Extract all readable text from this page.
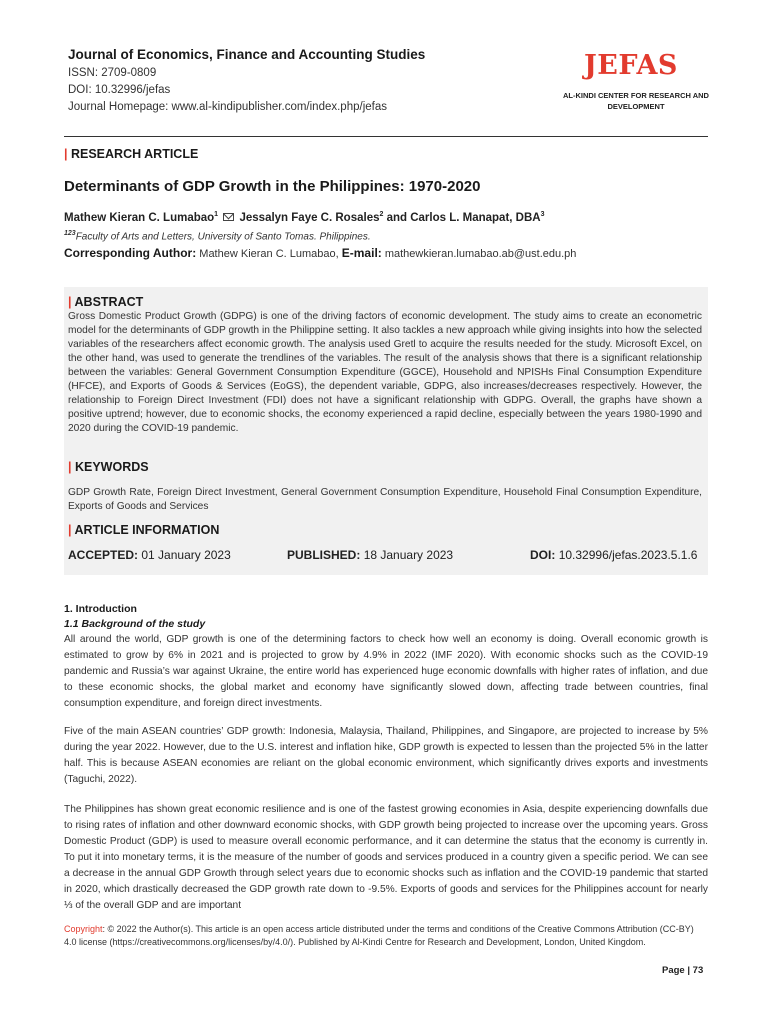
Journal of Economics, Finance and Accounting Studies
ISSN: 2709-0809
DOI: 10.32996/jefas
Journal Homepage: www.al-kindipublisher.com/index.php/jefas
JEFAS
AL-KINDI CENTER FOR RESEARCH AND DEVELOPMENT
| RESEARCH ARTICLE
Determinants of GDP Growth in the Philippines: 1970-2020
Mathew Kieran C. Lumabao$^1$ Jessalyn Faye C. Rosales$^2$ and Carlos L. Manapat, DBA$^3$
$^{123}$Faculty of Arts and Letters, University of Santo Tomas. Philippines.
Corresponding Author: Mathew Kieran C. Lumabao, E-mail: mathewkieran.lumabao.ab@ust.edu.ph
| ABSTRACT
Gross Domestic Product Growth (GDPG) is one of the driving factors of economic development. The study aims to create an econometric model for the determinants of GDP growth in the Philippine setting. It also tackles a new approach while giving insights into how the selected variables of the researchers affect economic growth. The analysis used Gretl to acquire the results needed for the study. Microsoft Excel, on the other hand, was used to generate the trendlines of the variables. The result of the analysis shows that there is a significant relationship between the variables: General Government Consumption Expenditure (GGCE), Household and NPISHs Final Consumption Expenditure (HFCE), and Exports of Goods & Services (EoGS), the dependent variable, GDPG, also increases/decreases respectively. However, the relationship to Foreign Direct Investment (FDI) does not have a significant relationship with GDPG. Overall, the graphs have shown a positive uptrend; however, due to economic shocks, the economy experienced a rapid decline, especially between the years 1980-1990 and 2020 during the COVID-19 pandemic.
| KEYWORDS
GDP Growth Rate, Foreign Direct Investment, General Government Consumption Expenditure, Household Final Consumption Expenditure, Exports of Goods and Services
| ARTICLE INFORMATION
ACCEPTED: 01 January 2023	PUBLISHED: 18 January 2023	DOI: 10.32996/jefas.2023.5.1.6
1. Introduction
1.1 Background of the study
All around the world, GDP growth is one of the determining factors to check how well an economy is doing. Overall economic growth is estimated to grow by 6% in 2021 and is projected to grow by 4.9% in 2022 (IMF 2020). With economic shocks such as the COVID-19 pandemic and Russia’s war against Ukraine, the entire world has experienced huge economic downfalls with higher rates of inflation, and due to these economic shocks, the global market and economy have significantly slowed down, affecting trade between countries, final consumption expenditure, and foreign direct investments.
Five of the main ASEAN countries’ GDP growth: Indonesia, Malaysia, Thailand, Philippines, and Singapore, are projected to increase by 5% during the year 2022. However, due to the U.S. interest and inflation hike, GDP growth is expected to lessen than the projected 5% in the latter half. This is because ASEAN economies are reliant on the global economic environment, which significantly drives exports and investments (Taguchi, 2022).
The Philippines has shown great economic resilience and is one of the fastest growing economies in Asia, despite experiencing downfalls due to rising rates of inflation and other downward economic shocks, with GDP growth being projected to increase over the upcoming years. Gross Domestic Product (GDP) is used to measure overall economic performance, and it can determine the status that the economy is currently in. To put it into monetary terms, it is the measure of the number of goods and services produced in a country given a specific period. We can see a decrease in the annual GDP Growth through select years due to economic shocks such as inflation and the COVID-19 pandemic that started in 2020, which drastically decreased the GDP growth rate down to -9.5%. Exports of goods and services for the Philippines account for nearly ⅓ of the overall GDP and are important
Copyright: © 2022 the Author(s). This article is an open access article distributed under the terms and conditions of the Creative Commons Attribution (CC-BY) 4.0 license (https://creativecommons.org/licenses/by/4.0/). Published by Al-Kindi Centre for Research and Development, London, United Kingdom.
Page | 73
